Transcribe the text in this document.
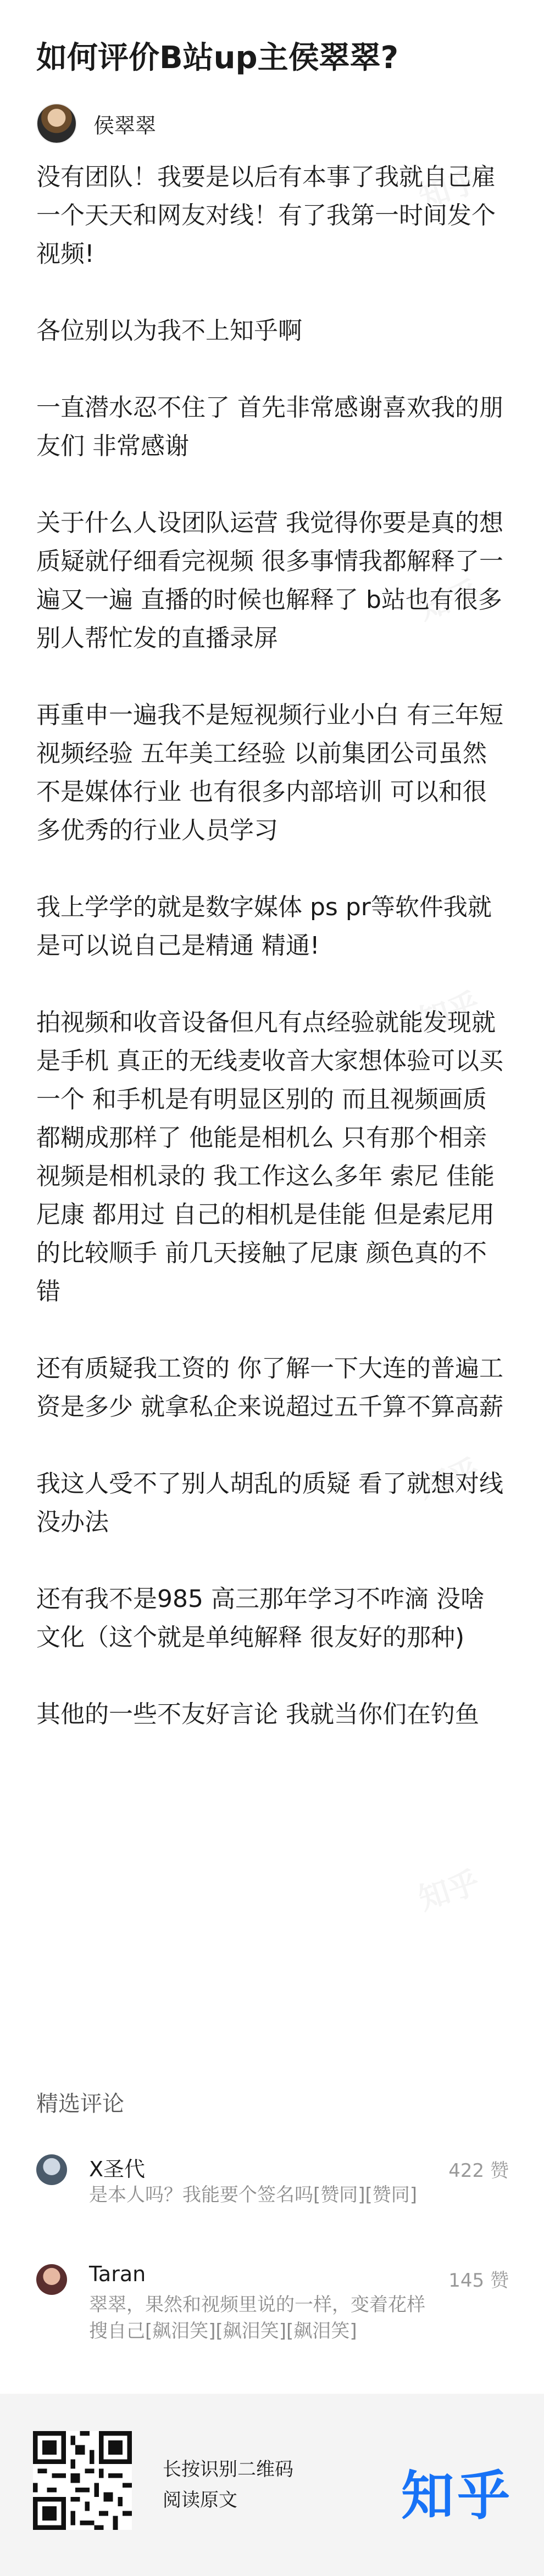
如何评价B站up主侯翠翠?
侯翠翠

没有团队！我要是以后有本事了我就自己雇一个天天和网友对线！有了我第一时间发个视频!

各位别以为我不上知乎啊

一直潜水忍不住了 首先非常感谢喜欢我的朋友们 非常感谢

关于什么人设团队运营 我觉得你要是真的想质疑就仔细看完视频 很多事情我都解释了一遍又一遍 直播的时候也解释了 b站也有很多别人帮忙发的直播录屏

再重申一遍我不是短视频行业小白 有三年短视频经验 五年美工经验 以前集团公司虽然不是媒体行业 也有很多内部培训 可以和很多优秀的行业人员学习

我上学学的就是数字媒体 ps pr等软件我就是可以说自己是精通 精通!

拍视频和收音设备但凡有点经验就能发现就是手机 真正的无线麦收音大家想体验可以买一个 和手机是有明显区别的 而且视频画质都糊成那样了 他能是相机么 只有那个相亲视频是相机录的 我工作这么多年 索尼 佳能 尼康 都用过 自己的相机是佳能 但是索尼用的比较顺手 前几天接触了尼康 颜色真的不错

还有质疑我工资的 你了解一下大连的普遍工资是多少 就拿私企来说超过五千算不算高薪

我这人受不了别人胡乱的质疑 看了就想对线 没办法

还有我不是985 高三那年学习不咋滴 没啥文化（这个就是单纯解释 很友好的那种)

其他的一些不友好言论 我就当你们在钓鱼

精选评论
X圣代	422 赞
是本人吗？我能要个签名吗[赞同][赞同]
Taran	145 赞
翠翠，果然和视频里说的一样，变着花样搜自己[飙泪笑][飙泪笑][飙泪笑]
长按识别二维码
阅读原文	知乎
